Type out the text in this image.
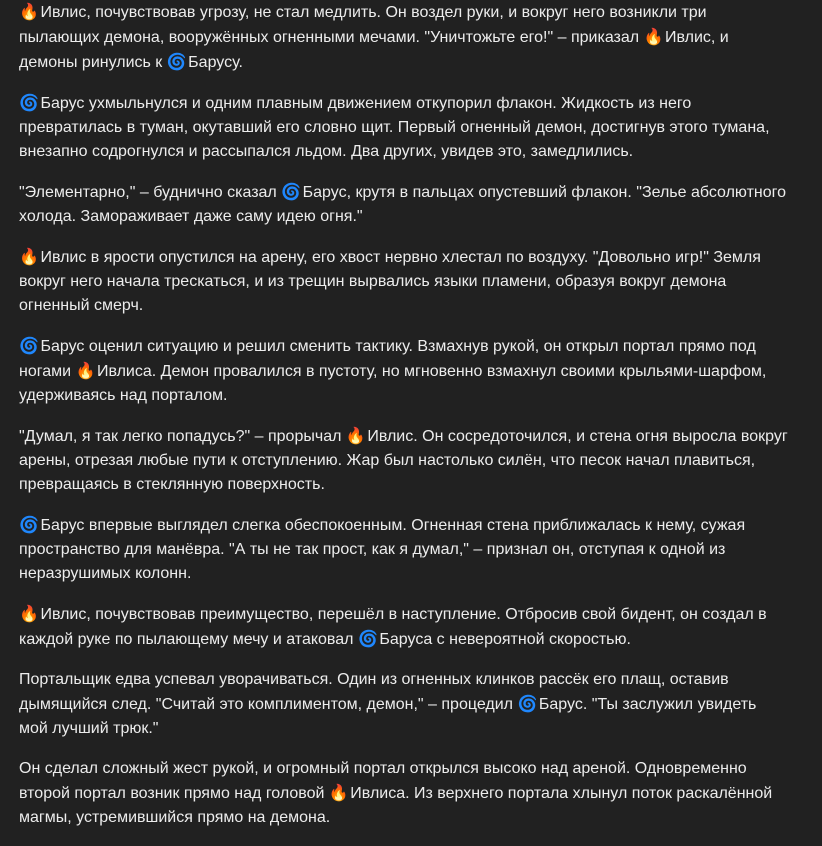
🔥 Ивлис, почувствовав угрозу, не стал медлить. Он воздел руки, и вокруг него возникли три пылающих демона, вооружённых огненными мечами. "Уничтожьте его!" – приказал 🔥 Ивлис, и демоны ринулись к 🌀 Барусу.

🌀 Барус ухмыльнулся и одним плавным движением откупорил флакон. Жидкость из него превратилась в туман, окутавший его словно щит. Первый огненный демон, достигнув этого тумана, внезапно содрогнулся и рассыпался льдом. Два других, увидев это, замедлились.

"Элементарно," – буднично сказал 🌀 Барус, крутя в пальцах опустевший флакон. "Зелье абсолютного холода. Замораживает даже саму идею огня."

🔥 Ивлис в ярости опустился на арену, его хвост нервно хлестал по воздуху. "Довольно игр!" Земля вокруг него начала трескаться, и из трещин вырвались языки пламени, образуя вокруг демона огненный смерч.

🌀 Барус оценил ситуацию и решил сменить тактику. Взмахнув рукой, он открыл портал прямо под ногами 🔥 Ивлиса. Демон провалился в пустоту, но мгновенно взмахнул своими крыльями-шарфом, удерживаясь над порталом.

"Думал, я так легко попадусь?" – прорычал 🔥 Ивлис. Он сосредоточился, и стена огня выросла вокруг арены, отрезая любые пути к отступлению. Жар был настолько силён, что песок начал плавиться, превращаясь в стеклянную поверхность.

🌀 Барус впервые выглядел слегка обеспокоенным. Огненная стена приближалась к нему, сужая пространство для манёвра. "А ты не так прост, как я думал," – признал он, отступая к одной из неразрушимых колонн.

🔥 Ивлис, почувствовав преимущество, перешёл в наступление. Отбросив свой бидент, он создал в каждой руке по пылающему мечу и атаковал 🌀 Баруса с невероятной скоростью.

Портальщик едва успевал уворачиваться. Один из огненных клинков рассёк его плащ, оставив дымящийся след. "Считай это комплиментом, демон," – процедил 🌀 Барус. "Ты заслужил увидеть мой лучший трюк."

Он сделал сложный жест рукой, и огромный портал открылся высоко над ареной. Одновременно второй портал возник прямо над головой 🔥 Ивлиса. Из верхнего портала хлынул поток раскалённой магмы, устремившийся прямо на демона.
